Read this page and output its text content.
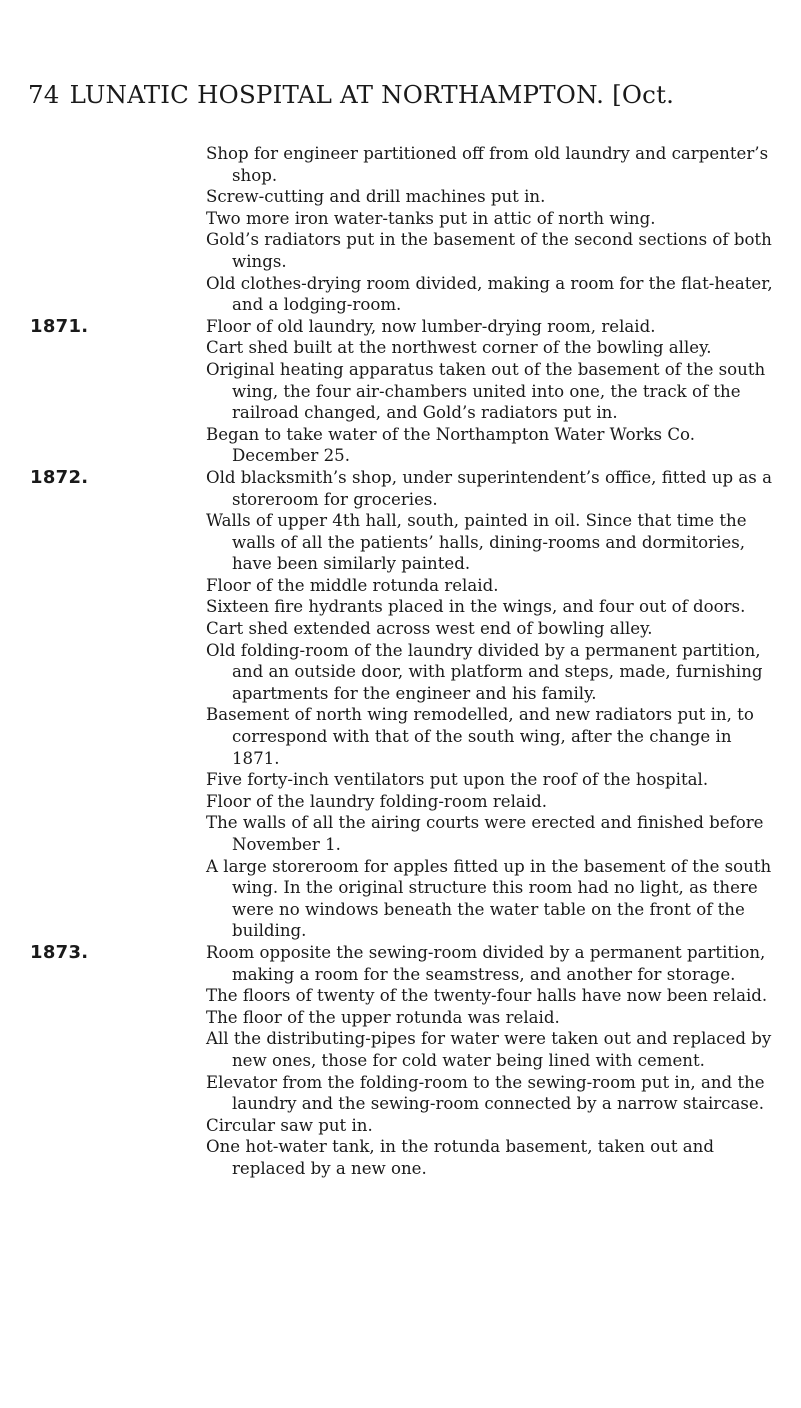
74 LUNATIC HOSPITAL AT NORTHAMPTON. [Oct.

Shop for engineer partitioned off from old laundry and carpenter’s shop.

Screw-cutting and drill machines put in.

Two more iron water-tanks put in attic of north wing.

Gold’s radiators put in the basement of the second sections of both wings.

Old clothes-drying room divided, making a room for the flat-heater, and a lodging-room.

1871.	Floor of old laundry, now lumber-drying room, relaid.

Cart shed built at the northwest corner of the bowling alley.

Original heating apparatus taken out of the basement of the south wing, the four air-chambers united into one, the track of the railroad changed, and Gold’s radiators put in.

Began to take water of the Northampton Water Works Co. December 25.

1872.	Old blacksmith’s shop, under superintendent’s office, fitted up as a storeroom for groceries.

Walls of upper 4th hall, south, painted in oil. Since that time the walls of all the patients’ halls, dining-rooms and dormitories, have been similarly painted.

Floor of the middle rotunda relaid.

Sixteen fire hydrants placed in the wings, and four out of doors.

Cart shed extended across west end of bowling alley.

Old folding-room of the laundry divided by a permanent partition, and an outside door, with platform and steps, made, furnishing apartments for the engineer and his family.

Basement of north wing remodelled, and new radiators put in, to correspond with that of the south wing, after the change in 1871.

Five forty-inch ventilators put upon the roof of the hospital.

Floor of the laundry folding-room relaid.

The walls of all the airing courts were erected and finished before November 1.

A large storeroom for apples fitted up in the basement of the south wing. In the original structure this room had no light, as there were no windows beneath the water table on the front of the building.

1873.	Room opposite the sewing-room divided by a permanent partition, making a room for the seamstress, and another for storage.

The floors of twenty of the twenty-four halls have now been relaid.

The floor of the upper rotunda was relaid.

All the distributing-pipes for water were taken out and replaced by new ones, those for cold water being lined with cement.

Elevator from the folding-room to the sewing-room put in, and the laundry and the sewing-room connected by a narrow staircase.

Circular saw put in.

One hot-water tank, in the rotunda basement, taken out and replaced by a new one.
